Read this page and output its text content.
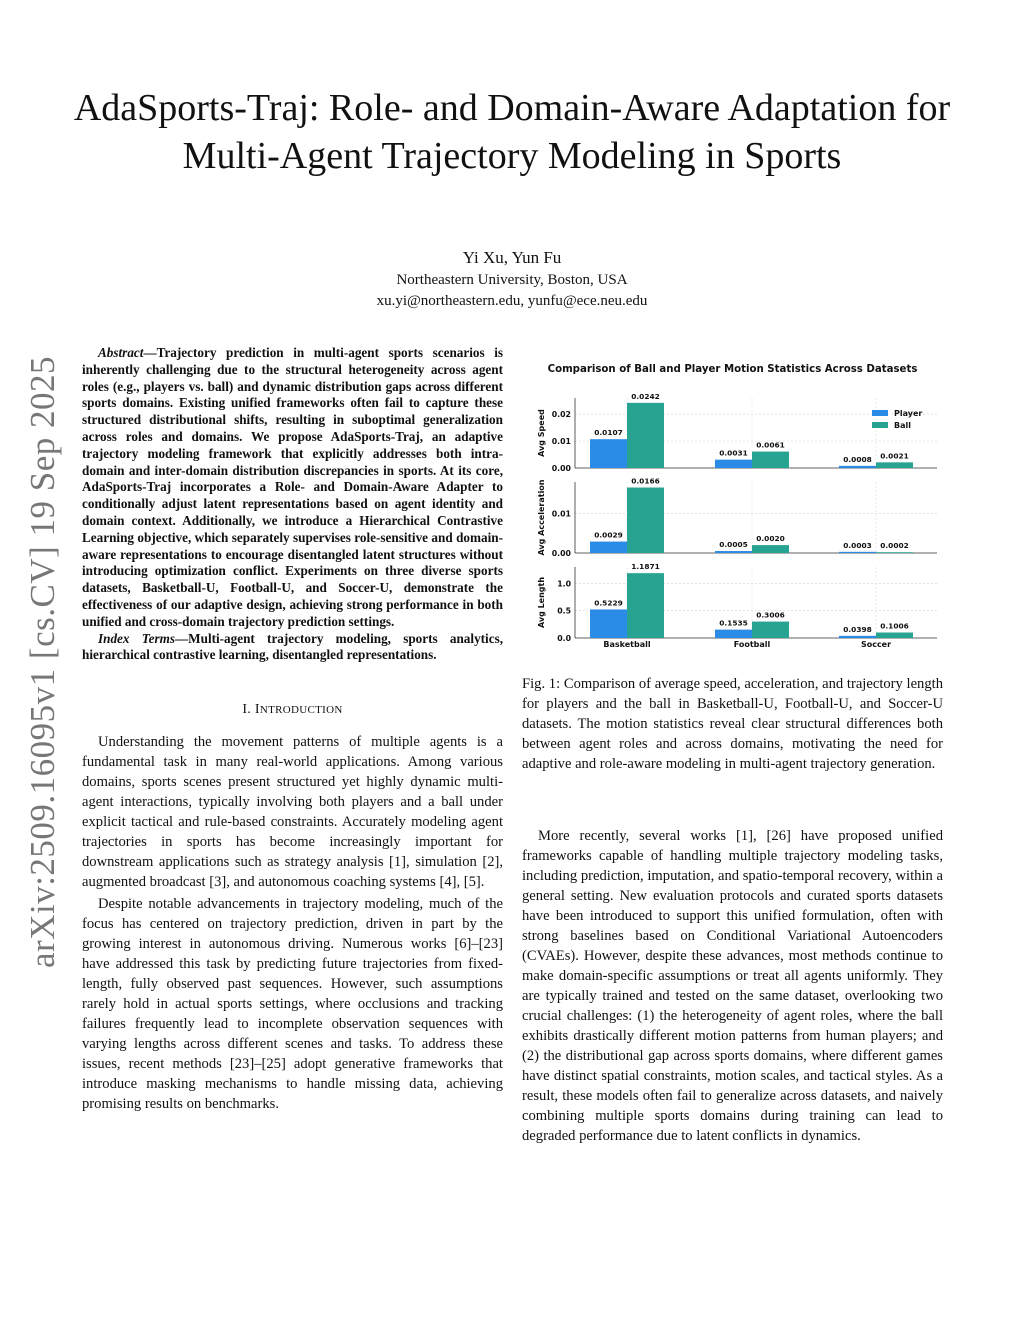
arXiv:2509.16095v1 [cs.CV] 19 Sep 2025
AdaSports-Traj: Role- and Domain-Aware Adaptation for Multi-Agent Trajectory Modeling in Sports
Yi Xu, Yun Fu
Northeastern University, Boston, USA
xu.yi@northeastern.edu, yunfu@ece.neu.edu

Abstract—Trajectory prediction in multi-agent sports scenarios is inherently challenging due to the structural heterogeneity across agent roles (e.g., players vs. ball) and dynamic distribution gaps across different sports domains. Existing unified frameworks often fail to capture these structured distributional shifts, resulting in suboptimal generalization across roles and domains. We propose AdaSports-Traj, an adaptive trajectory modeling framework that explicitly addresses both intra-domain and inter-domain distribution discrepancies in sports. At its core, AdaSports-Traj incorporates a Role- and Domain-Aware Adapter to conditionally adjust latent representations based on agent identity and domain context. Additionally, we introduce a Hierarchical Contrastive Learning objective, which separately supervises role-sensitive and domain-aware representations to encourage disentangled latent structures without introducing optimization conflict. Experiments on three diverse sports datasets, Basketball-U, Football-U, and Soccer-U, demonstrate the effectiveness of our adaptive design, achieving strong performance in both unified and cross-domain trajectory prediction settings.

Index Terms—Multi-agent trajectory modeling, sports analytics, hierarchical contrastive learning, disentangled representations.

I. INTRODUCTION

Understanding the movement patterns of multiple agents is a fundamental task in many real-world applications. Among various domains, sports scenes present structured yet highly dynamic multi-agent interactions, typically involving both players and a ball under explicit tactical and rule-based constraints. Accurately modeling agent trajectories in sports has become increasingly important for downstream applications such as strategy analysis [1], simulation [2], augmented broadcast [3], and autonomous coaching systems [4], [5].

Despite notable advancements in trajectory modeling, much of the focus has centered on trajectory prediction, driven in part by the growing interest in autonomous driving. Numerous works [6]–[23] have addressed this task by predicting future trajectories from fixed-length, fully observed past sequences. However, such assumptions rarely hold in actual sports settings, where occlusions and tracking failures frequently lead to incomplete observation sequences with varying lengths across different scenes and tasks. To address these issues, recent methods [23]–[25] adopt generative frameworks that introduce masking mechanisms to handle missing data, achieving promising results on benchmarks.

Comparison of Ball and Player Motion Statistics Across Datasets
0.00
0.01
0.02
Avg Speed	0.0107
0.0242
0.0031
0.0061
0.0008 0.0021
0.00
0.01
Avg Acceleration	0.0029
0.0166
0.0005
0.0020
0.0003 0.0002
0.0
0.5
1.0
Avg Length	0.5229
1.1871
0.1535
0.3006
0.0398 0.1006
Basketball	Football	Soccer
Player
Ball

Fig. 1: Comparison of average speed, acceleration, and trajectory length for players and the ball in Basketball-U, Football-U, and Soccer-U datasets. The motion statistics reveal clear structural differences both between agent roles and across domains, motivating the need for adaptive and role-aware modeling in multi-agent trajectory generation.

More recently, several works [1], [26] have proposed unified frameworks capable of handling multiple trajectory modeling tasks, including prediction, imputation, and spatio-temporal recovery, within a general setting. New evaluation protocols and curated sports datasets have been introduced to support this unified formulation, often with strong baselines based on Conditional Variational Autoencoders (CVAEs). However, despite these advances, most methods continue to make domain-specific assumptions or treat all agents uniformly. They are typically trained and tested on the same dataset, overlooking two crucial challenges: (1) the heterogeneity of agent roles, where the ball exhibits drastically different motion patterns from human players; and (2) the distributional gap across sports domains, where different games have distinct spatial constraints, motion scales, and tactical styles. As a result, these models often fail to generalize across datasets, and naively combining multiple sports domains during training can lead to degraded performance due to latent conflicts in dynamics.
